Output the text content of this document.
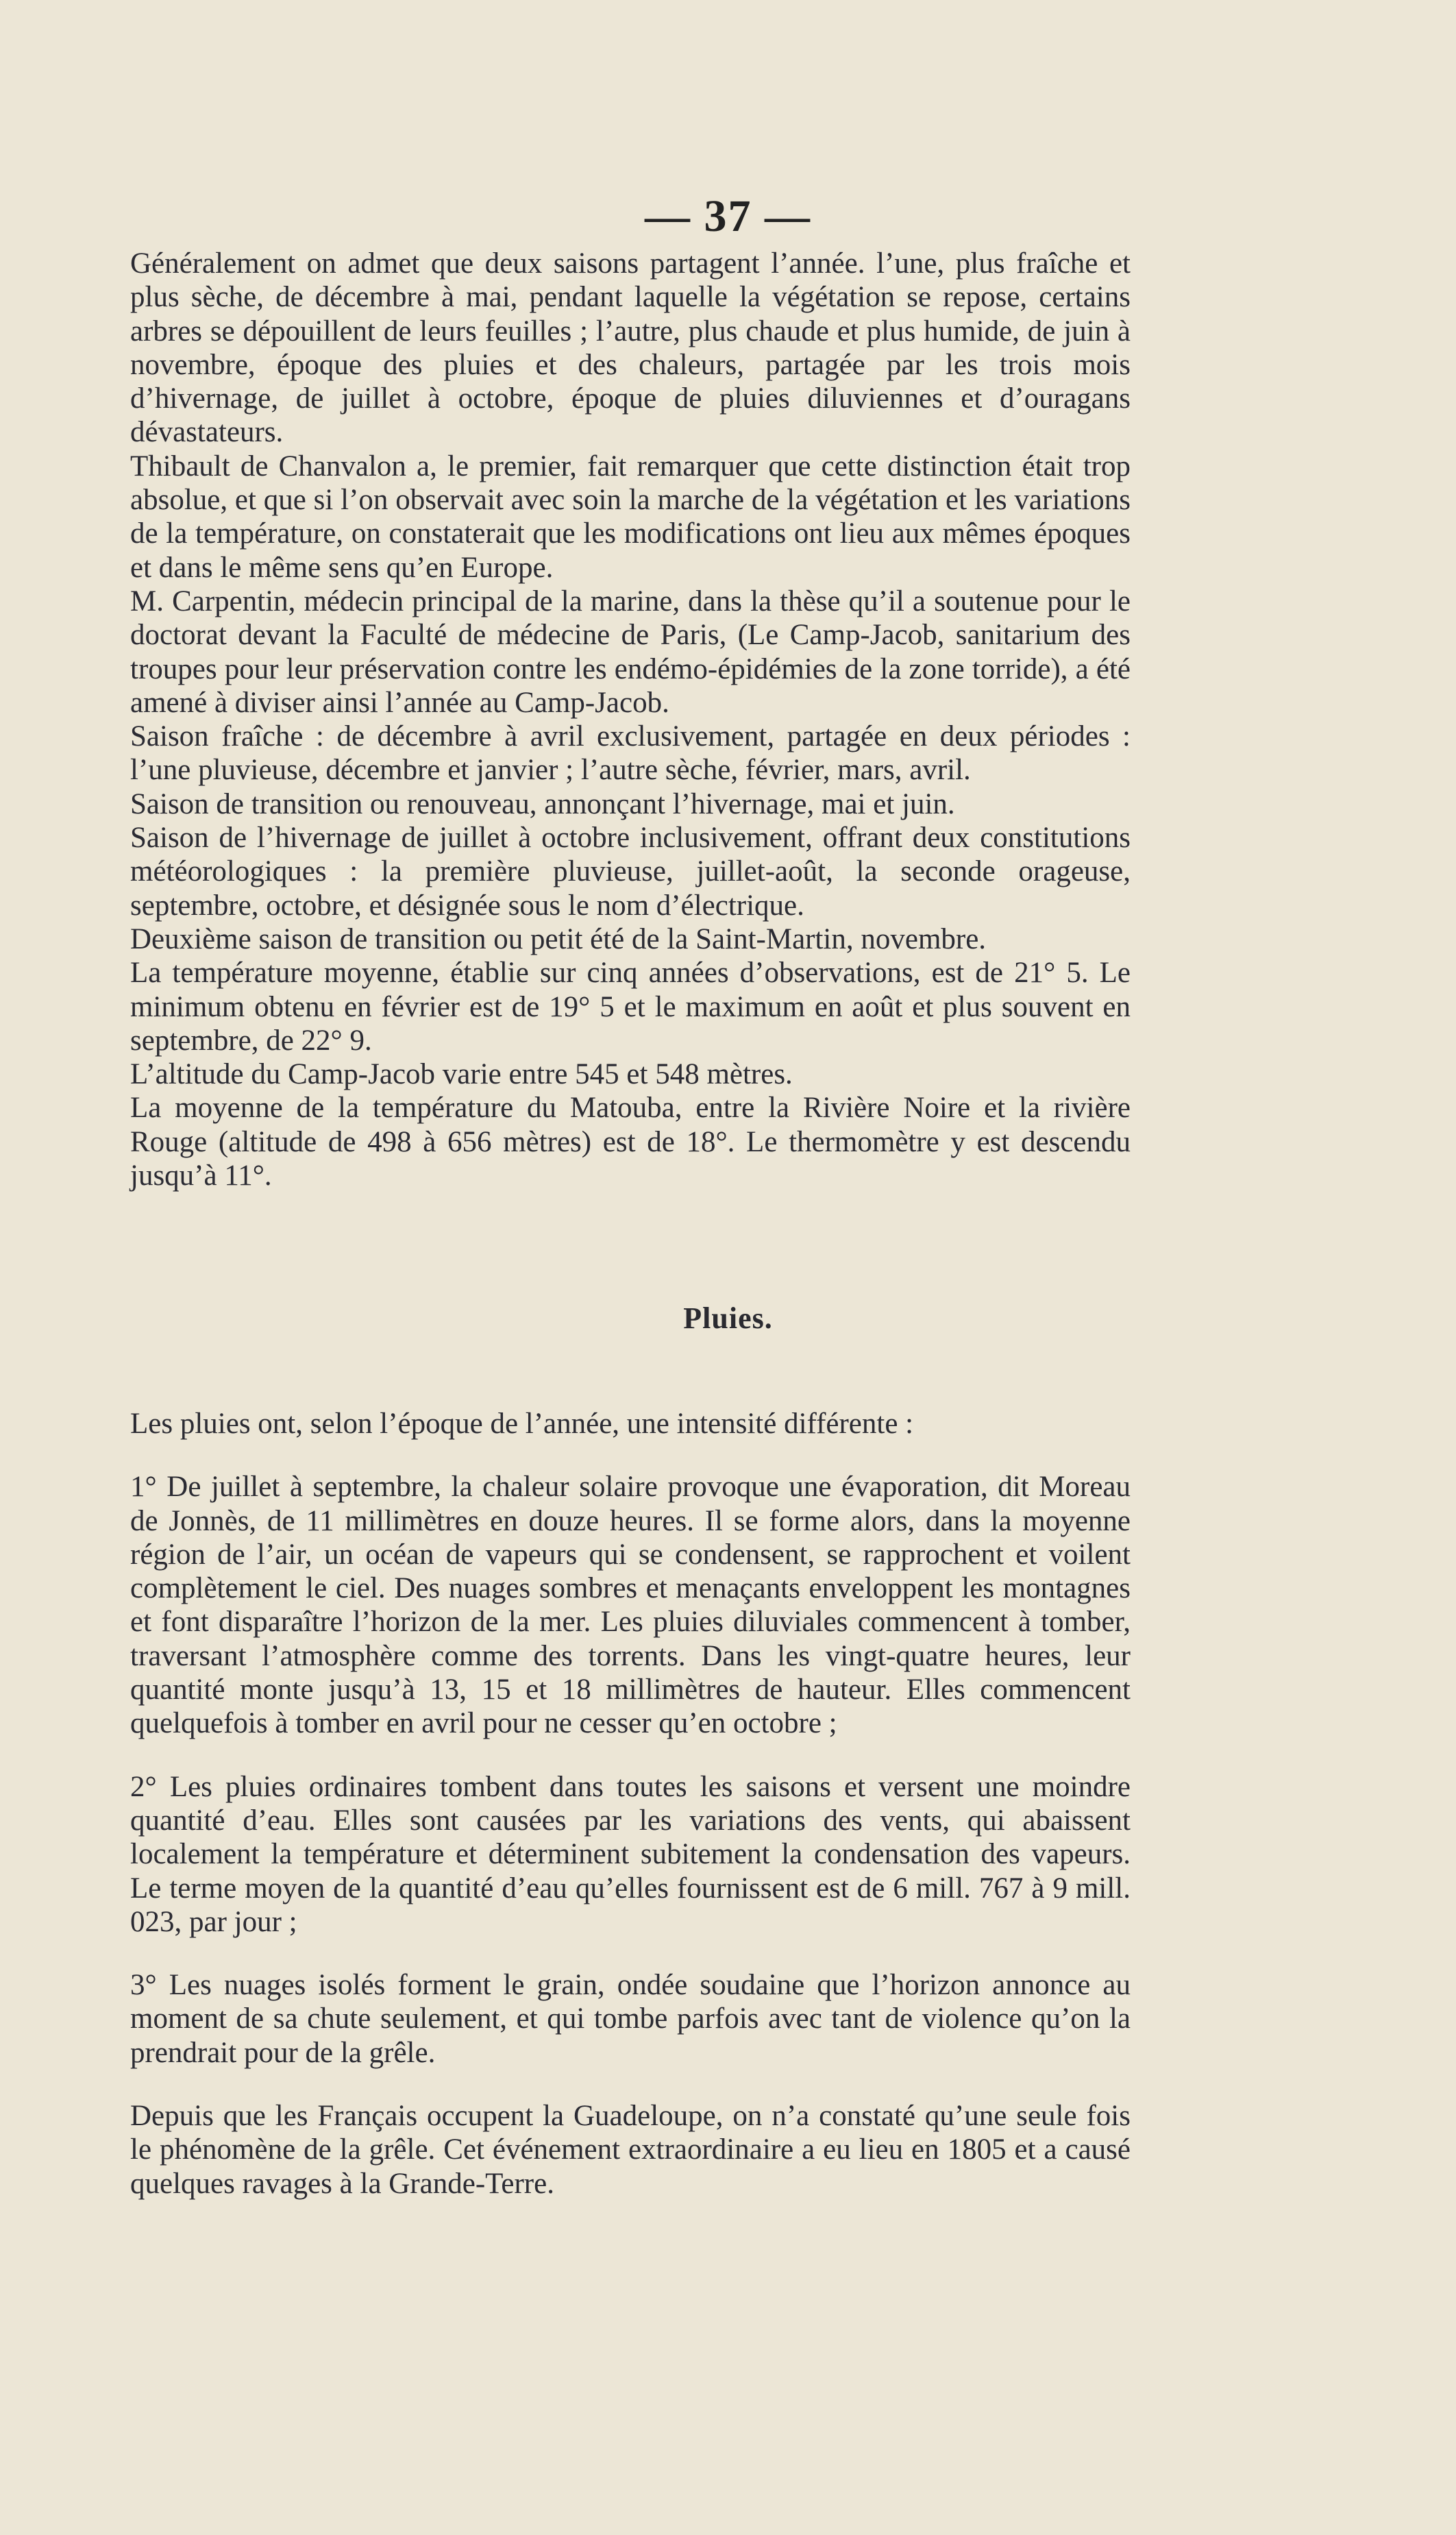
— 37 —

Généralement on admet que deux saisons partagent l’année. l’une, plus fraîche et plus sèche, de décembre à mai, pendant laquelle la végétation se repose, certains arbres se dépouillent de leurs feuilles ; l’autre, plus chaude et plus humide, de juin à novembre, époque des pluies et des chaleurs, partagée par les trois mois d’hivernage, de juillet à octobre, époque de pluies diluviennes et d’ouragans dévastateurs.

Thibault de Chanvalon a, le premier, fait remarquer que cette distinction était trop absolue, et que si l’on observait avec soin la marche de la végétation et les variations de la température, on constaterait que les modifications ont lieu aux mêmes époques et dans le même sens qu’en Europe.

M. Carpentin, médecin principal de la marine, dans la thèse qu’il a soutenue pour le doctorat devant la Faculté de médecine de Paris, (Le Camp-Jacob, sanitarium des troupes pour leur préservation contre les endémo-épidémies de la zone torride), a été amené à diviser ainsi l’année au Camp-Jacob.

Saison fraîche : de décembre à avril exclusivement, partagée en deux périodes : l’une pluvieuse, décembre et janvier ; l’autre sèche, février, mars, avril.

Saison de transition ou renouveau, annonçant l’hivernage, mai et juin.

Saison de l’hivernage de juillet à octobre inclusivement, offrant deux constitutions météorologiques : la première pluvieuse, juillet-août, la seconde orageuse, septembre, octobre, et désignée sous le nom d’électrique.

Deuxième saison de transition ou petit été de la Saint-Martin, novembre.

La température moyenne, établie sur cinq années d’observations, est de 21° 5. Le minimum obtenu en février est de 19° 5 et le maximum en août et plus souvent en septembre, de 22° 9.

L’altitude du Camp-Jacob varie entre 545 et 548 mètres.

La moyenne de la température du Matouba, entre la Rivière Noire et la rivière Rouge (altitude de 498 à 656 mètres) est de 18°. Le thermomètre y est descendu jusqu’à 11°.

Pluies.

Les pluies ont, selon l’époque de l’année, une intensité différente :

1° De juillet à septembre, la chaleur solaire provoque une évaporation, dit Moreau de Jonnès, de 11 millimètres en douze heures. Il se forme alors, dans la moyenne région de l’air, un océan de vapeurs qui se condensent, se rapprochent et voilent complètement le ciel. Des nuages sombres et menaçants enveloppent les montagnes et font disparaître l’horizon de la mer. Les pluies diluviales commencent à tomber, traversant l’atmosphère comme des torrents. Dans les vingt-quatre heures, leur quantité monte jusqu’à 13, 15 et 18 millimètres de hauteur. Elles commencent quelquefois à tomber en avril pour ne cesser qu’en octobre ;

2° Les pluies ordinaires tombent dans toutes les saisons et versent une moindre quantité d’eau. Elles sont causées par les variations des vents, qui abaissent localement la température et déterminent subitement la condensation des vapeurs. Le terme moyen de la quantité d’eau qu’elles fournissent est de 6 mill. 767 à 9 mill. 023, par jour ;

3° Les nuages isolés forment le grain, ondée soudaine que l’horizon annonce au moment de sa chute seulement, et qui tombe parfois avec tant de violence qu’on la prendrait pour de la grêle.

Depuis que les Français occupent la Guadeloupe, on n’a constaté qu’une seule fois le phénomène de la grêle. Cet événement extraordinaire a eu lieu en 1805 et a causé quelques ravages à la Grande-Terre.
